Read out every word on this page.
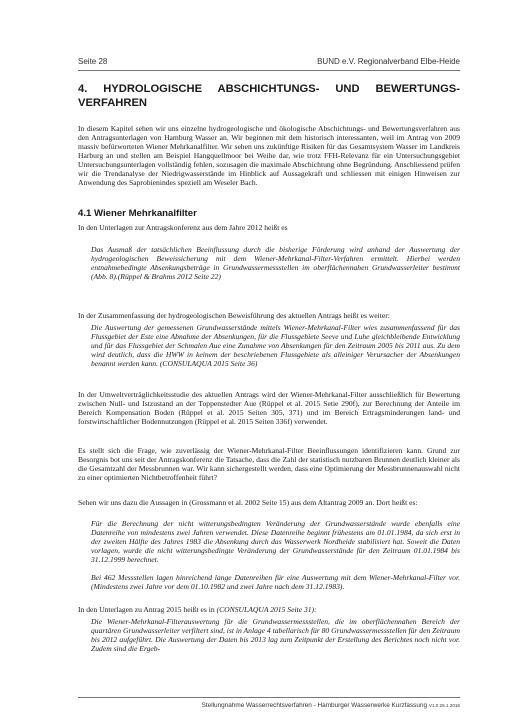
Seite 28	BUND e.V. Regionalverband Elbe-Heide
4. HYDROLOGISCHE ABSCHICHTUNGS- UND BEWERTUNGS-
VERFAHREN

In diesem Kapitel sehen wir uns einzelne hydrogeologische und ökologische Abschichtungs- und Bewertungsverfahren aus den Antragsunterlagen von Hamburg Wasser an. Wir beginnen mit dem historisch interessanten, weil im Antrag von 2009 massiv befürworteten Wiener Mehrkanalfilter. Wir sehen uns zukünftige Risiken für das Gesamtsystem Wasser im Landkreis Harburg an und stellen am Beispiel Hangquellmoor bei Weihe dar, wie trotz FFH-Relevanz für ein Untersuchungsgebiet Untersuchungsunterlagen vollständig fehlen, sozusagen die maximale Abschichtung ohne Begründung. Anschliessend prüfen wir die Trendanalyse der Niedrigwasserstände im Hinblick auf Aussagekraft und schliessen mit einigen Hinweisen zur Anwendung des Saprobienindes speziell am Weseler Bach.

4.1 Wiener Mehrkanalfilter

In den Unterlagen zur Antragskonferenz aus dem Jahre 2012 heißt es

Das Ausmaß der tatsächlichen Beeinflussung durch die bisherige Förderung wird anhand der Auswertung der hydrogeologischen Beweissicherung mit dem Wiener-Mehrkanal-Filter-Verfahren ermittelt. Hierbei werden entnahmebedingte Absenkungsbeträge in Grundwassermessstellen im oberflächennahen Grundwasserleiter bestimmt (Abb. 8).(Rüppel & Brahms 2012 Seite 22)

In der Zusammenfassung der hydrogeologischen Beweisführung des aktuellen Antrags heißt es weiter:

Die Auswertung der gemessenen Grundwasserstände mittels Wiener-Mehrkanal-Filter wies zusammenfassend für das Flussgebiet der Este eine Abnahme der Absenkungen, für die Flussgebiete Seeve und Luhe gleichbleibende Entwicklung und für das Flussgebiet der Schmalen Aue eine Zunahme von Absenkungen für den Zeitraum 2005 bis 2011 aus. Zu dem wird deutlich, dass die HWW in keinem der beschriebenen Flussgebiete als alleiniger Verursacher der Absenkungen benannt werden kann. (CONSULAQUA 2015 Seite 36)

In der Umweltverträglichkeitsstudie des aktuellen Antrags wird der Wiener-Mehrkanal-Filter ausschließlich für Bewertung zwischen Null- und Istzustand an der Toppenstedter Aue (Rüppel et al. 2015 Setie 290f), zur Berechnung der Anteile im Bereich Kompensation Boden (Rüppel et al. 2015 Seiten 305, 371) und im Bereich Ertragsminderungen land- und forstwirtschaftlicher Bodennutzungen (Rüppel et al. 2015 Seiten 336f) verwendet.

Es stellt sich die Frage, wie zuverlässig der Wiener-Mehrkanal-Filter Beeinflussungen identifizieren kann. Grund zur Besorgnis bot uns seit der Antragskonferenz die Tatsache, dass die Zahl der statistisch nutzbaren Brunnen deutlich kleiner als die Gesamtzahl der Messbrunnen war. Wir kann sichergestellt werden, dass eine Optimierung der Messbrunnenauswahl nicht zu einer optimierten Nichtbetroffenheit führt?

Sehen wir uns dazu die Aussagen in (Grossmann et al. 2002 Seite 15) aus dem Altantrag 2009 an. Dort heißt es:

Für die Berechnung der nicht witterungsbedingten Veränderung der Grundwasserstände wurde ebenfalls eine Datenreihe von mindestens zwei Jahren verwendet. Diese Datenreihe beginnt frühestens am 01.01.1984, da sich erst in der zweiten Hälfte des Jahres 1983 die Absenkung durch das Wasserwerk Nordheide stabilisiert hat. Soweit die Daten vorlagen, wurde die nicht witterungsbedingte Veränderung der Grundwasserstände für den Zeitraum 01.01.1984 bis 31.12.1999 berechnet.

Bei 462 Messstellen lagen hinreichend lange Datenreihen für eine Auswertung mit dem Wiener-Mehrkanal-Filter vor. (Mindestens zwei Jahre vor dem 01.10.1982 und zwei Jahre nach dem 31.12.1983).

In den Unterlagen zu Antrag 2015 heißt es in (CONSULAQUA 2015 Seite 31):

Die Wiener-Mehrkanal-Filterauswertung für die Grundwassermessstellen, die im oberflächennahen Bereich der quartären Grundwasserleiter verfiltert sind, ist in Anlage 4 tabellarisch für 80 Grundwassermessstellen für den Zeitraum bis 2012 aufgeführt. Die Auswertung der Daten bis 2013 lag zum Zeitpunkt der Erstellung des Berichtes noch nicht vor. Zudem sind die Ergeb-

Stellungnahme Wasserrechtsverfahren - Hamburger Wasserwerke Kurzfassung V1.0 26.1.2016
